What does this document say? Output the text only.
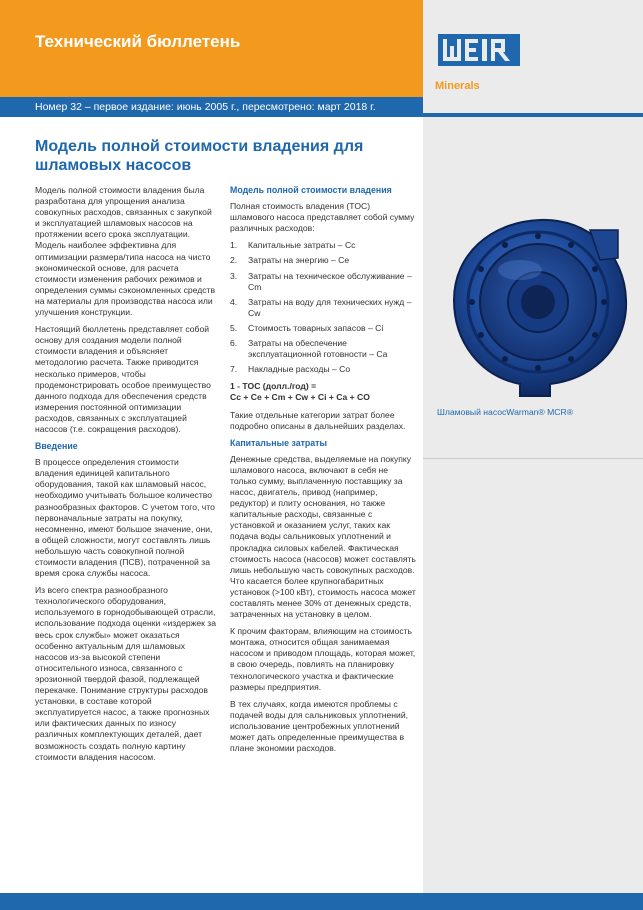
Технический бюллетень
Minerals
Номер 32 – первое издание: июнь 2005 г., пересмотрено: март 2018 г.
Модель полной стоимости владения для
шламовых насосов

Модель полной стоимости владения была разработана для упрощения анализа совокупных расходов, связанных с закупкой и эксплуатацией шламовых насосов на протяжении всего срока эксплуатации. Модель наиболее эффективна для оптимизации размера/типа насоса на чисто экономической основе, для расчета стоимости изменения рабочих режимов и определения суммы сэкономленных средств на материалы для производства насоса или улучшения конструкции.

Настоящий бюллетень представляет собой основу для создания модели полной стоимости владения и объясняет методологию расчета. Также приводится несколько примеров, чтобы продемонстрировать особое преимущество данного подхода для обеспечения средств измерения постоянной оптимизации расходов, связанных с эксплуатацией насосов (т.е. сокращения расходов).

Введение

В процессе определения стоимости владения единицей капитального оборудования, такой как шламовый насос, необходимо учитывать большое количество разнообразных факторов. С учетом того, что первоначальные затраты на покупку, несомненно, имеют большое значение, они, в общей сложности, могут составлять лишь небольшую часть совокупной полной стоимости владения (ПСВ), потраченной за время срока службы насоса.

Из всего спектра разнообразного технологического оборудования, используемого в горнодобывающей отрасли, использование подхода оценки «издержек за весь срок службы» может оказаться особенно актуальным для шламовых насосов из-за высокой степени относительного износа, связанного с эрозионной твердой фазой, подлежащей перекачке. Понимание структуры расходов установки, в составе которой эксплуатируется насос, а также прогнозных или фактических данных по износу различных комплектующих деталей, дает возможность создать полную картину стоимости владения насосом.

Модель полной стоимости владения

Полная стоимость владения (TOC) шламового насоса представляет собой сумму различных расходов:

1.	Капитальные затраты – Cc
2.	Затраты на энергию – Ce
3.	Затраты на техническое обслуживание – Cm
4.	Затраты на воду для технических нужд – Cw
5.	Стоимость товарных запасов – Ci
6.	Затраты на обеспечение эксплуатационной готовности – Ca
7.	Накладные расходы – Co
1 - TOC (долл./год) =
Cc + Ce + Cm + Cw + Ci + Ca + CO

Такие отдельные категории затрат более подробно описаны в дальнейших разделах.

Капитальные затраты

Денежные средства, выделяемые на покупку шламового насоса, включают в себя не только сумму, выплаченную поставщику за насос, двигатель, привод (например, редуктор) и плиту основания, но также капитальные расходы, связанные с установкой и оказанием услуг, таких как подача воды сальниковых уплотнений и прокладка силовых кабелей. Фактическая стоимость насоса (насосов) может составлять лишь небольшую часть совокупных расходов. Что касается более крупногабаритных установок (>100 кВт), стоимость насоса может составлять менее 30% от денежных средств, затраченных на установку в целом.

К прочим факторам, влияющим на стоимость монтажа, относится общая занимаемая насосом и приводом площадь, которая может, в свою очередь, повлиять на планировку технологического участка и фактические размеры предприятия.

В тех случаях, когда имеются проблемы с подачей воды для сальниковых уплотнений, использование центробежных уплотнений может дать определенные преимущества в плане экономии расходов.

Шламовый насосWarman® MCR®
